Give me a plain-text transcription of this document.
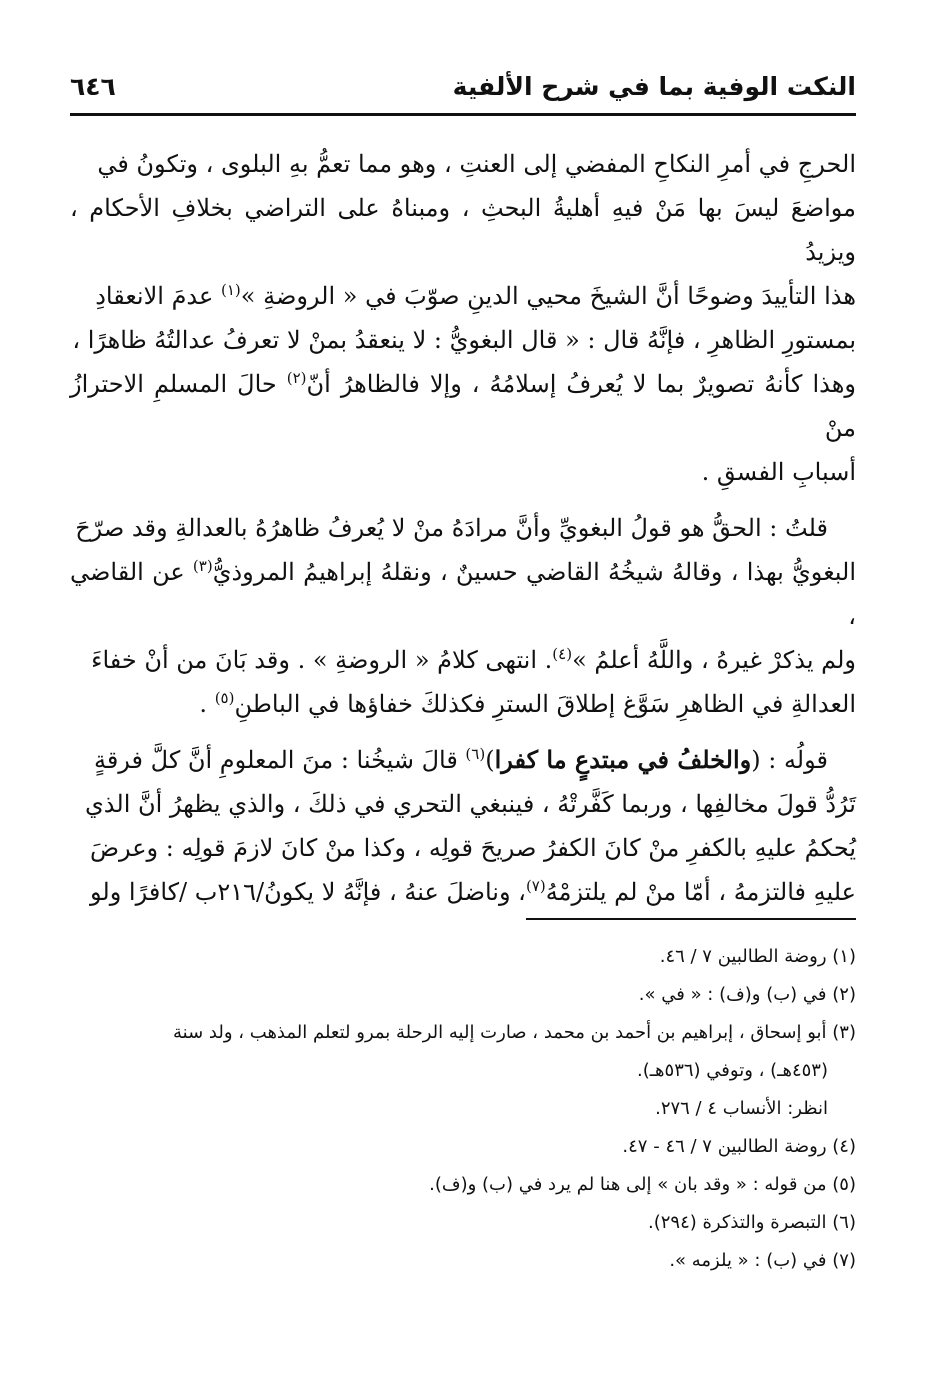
النكت الوفية بما في شرح الألفية
٦٤٦

الحرجِ في أمرِ النكاحِ المفضي إلى العنتِ ، وهو مما تعمُّ بهِ البلوى ، وتكونُ في

مواضعَ ليسَ بها مَنْ فيهِ أهليةُ البحثِ ، ومبناهُ على التراضي بخلافِ الأحكام ، ويزيدُ

هذا التأييدَ وضوحًا أنَّ الشيخَ محيي الدينِ صوّبَ في « الروضةِ »$^{(١)}$ عدمَ الانعقادِ

بمستورِ الظاهرِ ، فإنَّهُ قال : « قال البغويُّ : لا ينعقدُ بمنْ لا تعرفُ عدالتُهُ ظاهرًا ،

وهذا كأنهُ تصويرٌ بما لا يُعرفُ إسلامُهُ ، وإلا فالظاهرُ أنّ$^{(٢)}$ حالَ المسلمِ الاحترازُ منْ

أسبابِ الفسقِ .

قلتُ : الحقُّ هو قولُ البغويِّ وأنَّ مرادَهُ منْ لا يُعرفُ ظاهرُهُ بالعدالةِ وقد صرّحَ

البغويُّ بهذا ، وقالهُ شيخُهُ القاضي حسينٌ ، ونقلهُ إبراهيمُ المروذيُّ$^{(٣)}$ عن القاضي ،

ولم يذكرْ غيرهُ ، واللَّهُ أعلمُ »$^{(٤)}$. انتهى كلامُ « الروضةِ » . وقد بَانَ من أنْ خفاءَ

العدالةِ في الظاهرِ سَوَّغ إطلاقَ السترِ فكذلكَ خفاؤها في الباطنِ$^{(٥)}$ .

قولُه : (والخلفُ في مبتدعٍ ما كفرا)$^{(٦)}$ قالَ شيخُنا : منَ المعلومِ أنَّ كلَّ فرقةٍ

تَرُدُّ قولَ مخالفِها ، وربما كَفَّرتْهُ ، فينبغي التحري في ذلكَ ، والذي يظهرُ أنَّ الذي

يُحكمُ عليهِ بالكفرِ منْ كانَ الكفرُ صريحَ قولِه ، وكذا منْ كانَ لازمَ قولِه : وعرضَ

عليهِ فالتزمهُ ، أمّا منْ لم يلتزمْهُ$^{(٧)}$، وناضلَ عنهُ ، فإنَّهُ لا يكونُ/٢١٦ب /كافرًا ولو

(١) روضة الطالبين ٧ / ٤٦.

(٢) في (ب) و(ف) : « في ».

(٣) أبو إسحاق ، إبراهيم بن أحمد بن محمد ، صارت إليه الرحلة بمرو لتعلم المذهب ، ولد سنة

(٤٥٣هـ) ، وتوفي (٥٣٦هـ).

انظر: الأنساب ٤ / ٢٧٦.

(٤) روضة الطالبين ٧ / ٤٦ - ٤٧.

(٥) من قوله : « وقد بان » إلى هنا لم يرد في (ب) و(ف).

(٦) التبصرة والتذكرة (٢٩٤).

(٧) في (ب) : « يلزمه ».
